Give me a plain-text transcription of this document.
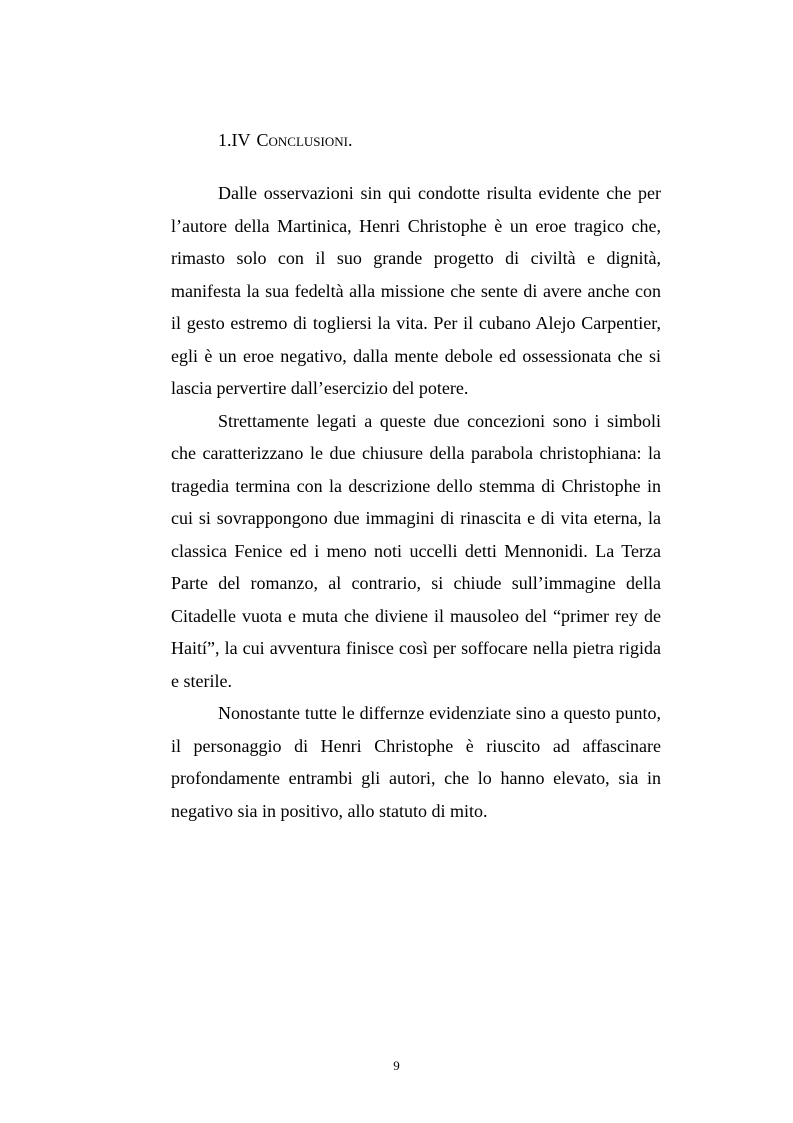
1.IV Conclusioni.

Dalle osservazioni sin qui condotte risulta evidente che per l’autore della Martinica, Henri Christophe è un eroe tragico che, rimasto solo con il suo grande progetto di civiltà e dignità, manifesta la sua fedeltà alla missione che sente di avere anche con il gesto estremo di togliersi la vita. Per il cubano Alejo Carpentier, egli è un eroe negativo, dalla mente debole ed ossessionata che si lascia pervertire dall’esercizio del potere.

Strettamente legati a queste due concezioni sono i simboli che caratterizzano le due chiusure della parabola christophiana: la tragedia termina con la descrizione dello stemma di Christophe in cui si sovrappongono due immagini di rinascita e di vita eterna, la classica Fenice ed i meno noti uccelli detti Mennonidi. La Terza Parte del romanzo, al contrario, si chiude sull’immagine della Citadelle vuota e muta che diviene il mausoleo del “primer rey de Haití”, la cui avventura finisce così per soffocare nella pietra rigida e sterile.

Nonostante tutte le differnze evidenziate sino a questo punto, il personaggio di Henri Christophe è riuscito ad affascinare profondamente entrambi gli autori, che lo hanno elevato, sia in negativo sia in positivo, allo statuto di mito.

9
